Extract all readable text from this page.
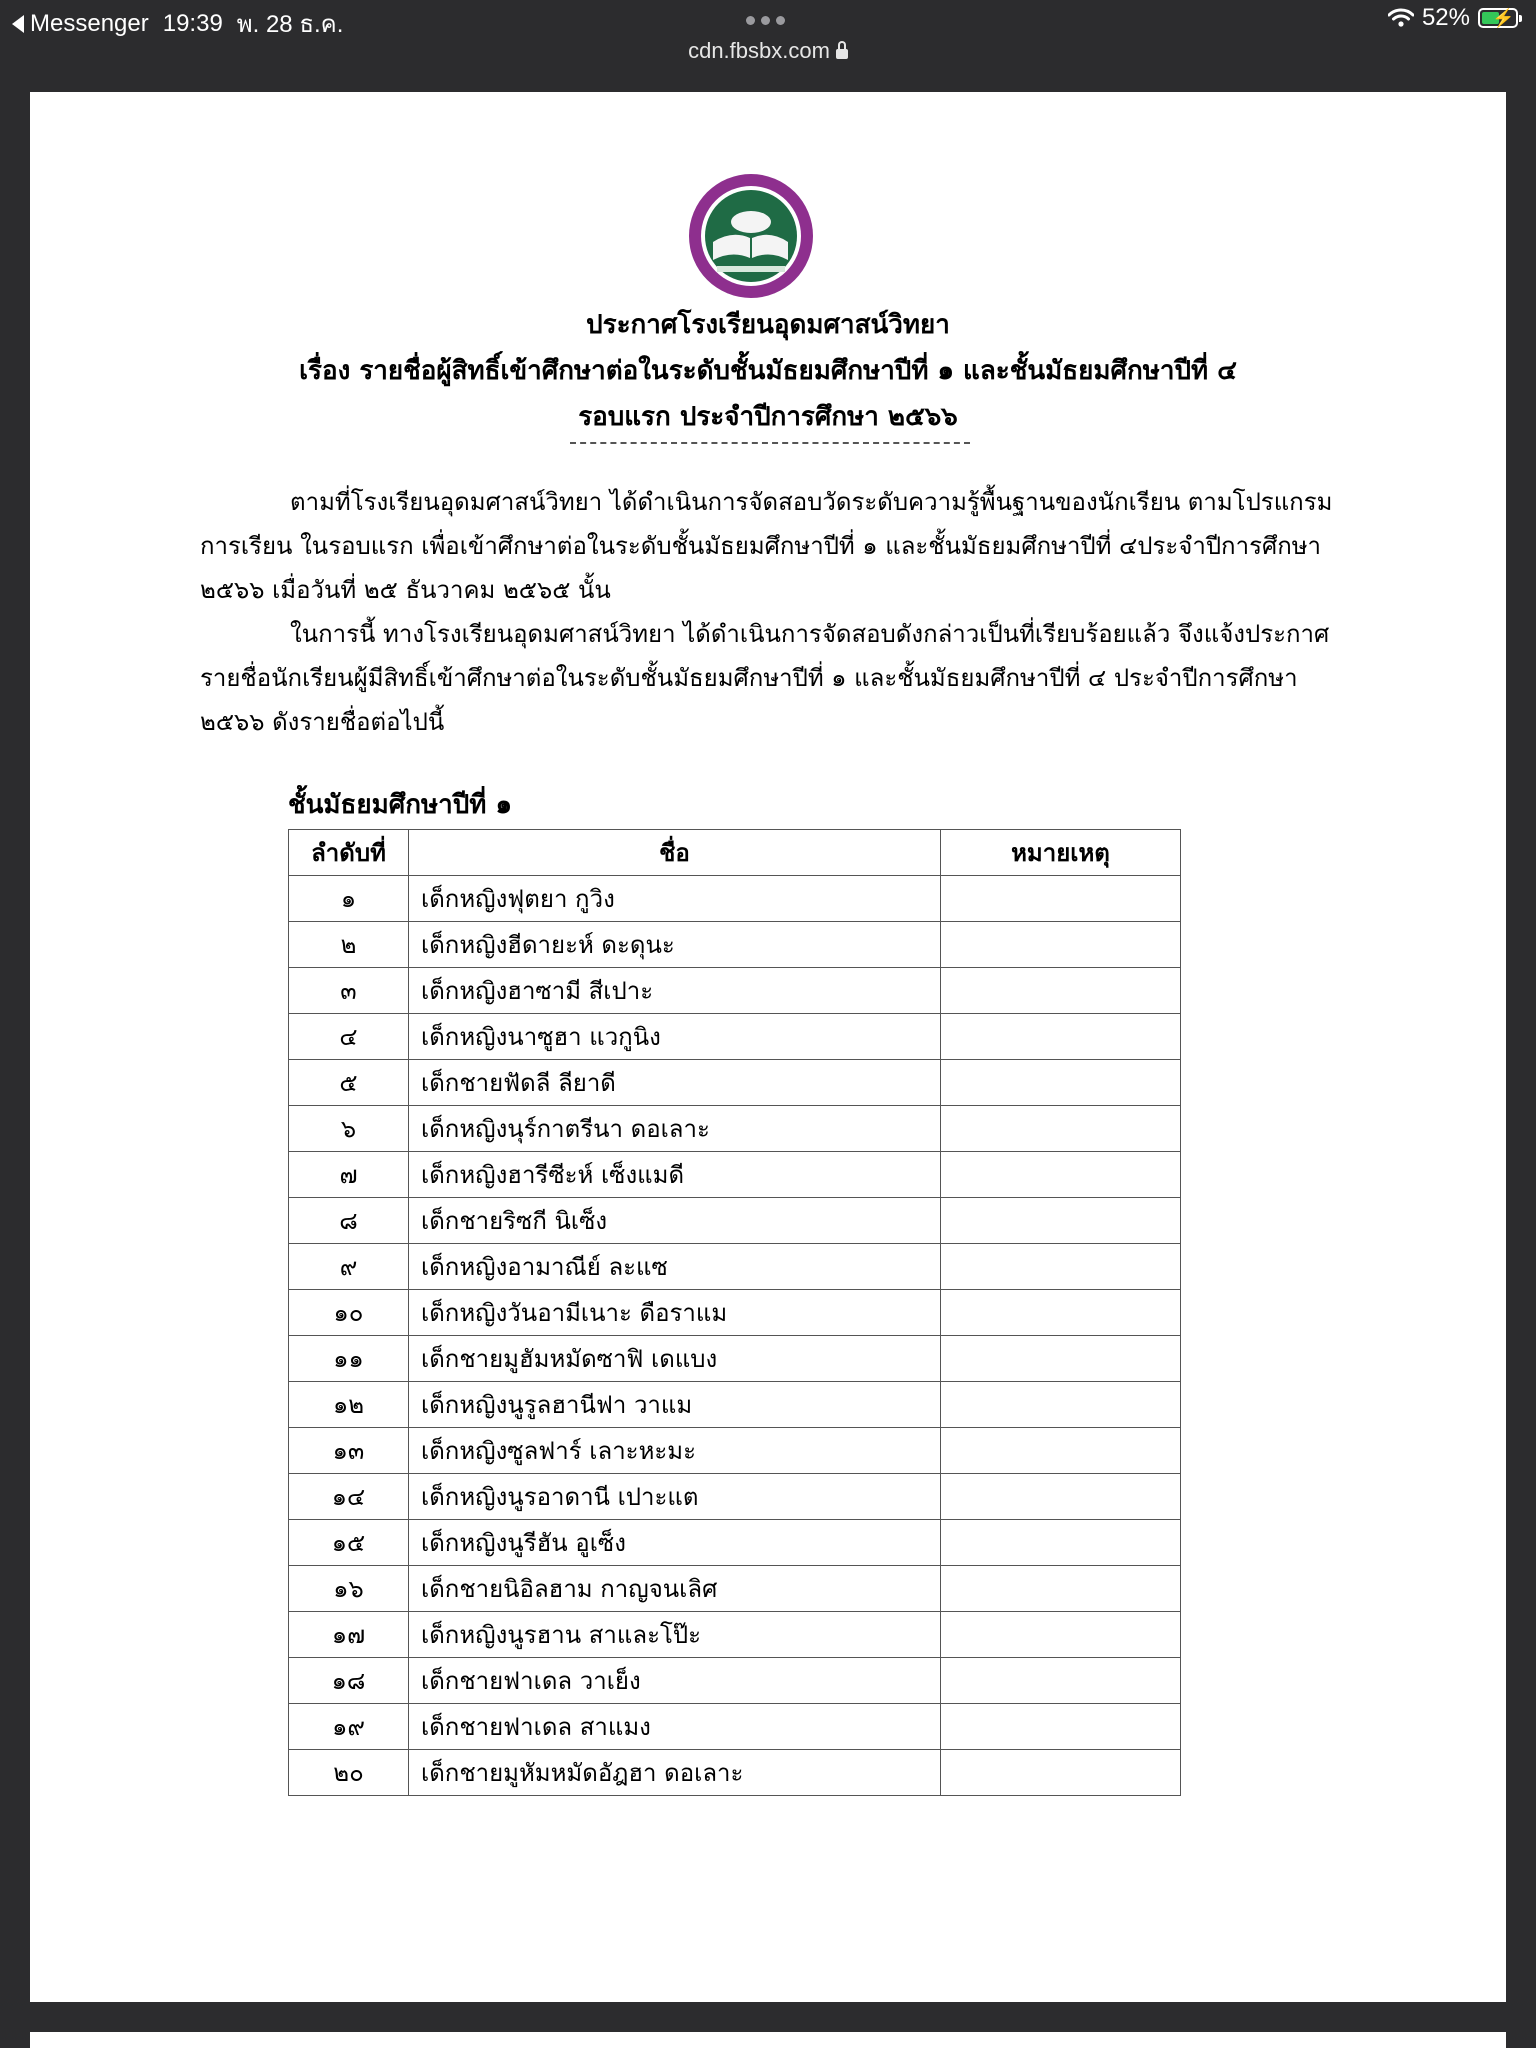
Messenger 19:39 พ. 28 ธ.ค.	52% ⚡
cdn.fbsbx.com
ประกาศโรงเรียนอุดมศาสน์วิทยา
เรื่อง รายชื่อผู้สิทธิ์เข้าศึกษาต่อในระดับชั้นมัธยมศึกษาปีที่ ๑ และชั้นมัธยมศึกษาปีที่ ๔
รอบแรก ประจำปีการศึกษา ๒๕๖๖

ตามที่โรงเรียนอุดมศาสน์วิทยา ได้ดำเนินการจัดสอบวัดระดับความรู้พื้นฐานของนักเรียน ตามโปรแกรมการเรียน ในรอบแรก เพื่อเข้าศึกษาต่อในระดับชั้นมัธยมศึกษาปีที่ ๑ และชั้นมัธยมศึกษาปีที่ ๔ประจำปีการศึกษา ๒๕๖๖ เมื่อวันที่ ๒๕ ธันวาคม ๒๕๖๕ นั้น

ในการนี้ ทางโรงเรียนอุดมศาสน์วิทยา ได้ดำเนินการจัดสอบดังกล่าวเป็นที่เรียบร้อยแล้ว จึงแจ้งประกาศรายชื่อนักเรียนผู้มีสิทธิ์เข้าศึกษาต่อในระดับชั้นมัธยมศึกษาปีที่ ๑ และชั้นมัธยมศึกษาปีที่ ๔ ประจำปีการศึกษา ๒๕๖๖ ดังรายชื่อต่อไปนี้

ชั้นมัธยมศึกษาปีที่ ๑
ลำดับที่	ชื่อ	หมายเหตุ
๑	เด็กหญิงฟุตยา กูวิง	
๒	เด็กหญิงฮีดายะห์ ดะดุนะ	
๓	เด็กหญิงฮาซามี สีเปาะ	
๔	เด็กหญิงนาซูฮา แวกูนิง	
๕	เด็กชายฟัดลี ลียาดี	
๖	เด็กหญิงนุร์กาตรีนา ดอเลาะ	
๗	เด็กหญิงฮารีซีะห์ เซ็งแมดี	
๘	เด็กชายริซกี นิเซ็ง	
๙	เด็กหญิงอามาณีย์ ละแซ	
๑๐	เด็กหญิงวันอามีเนาะ ดือราแม	
๑๑	เด็กชายมูฮัมหมัดซาฟิ เดแบง	
๑๒	เด็กหญิงนูรูลฮานีฟา วาแม	
๑๓	เด็กหญิงซูลฟาร์ เลาะหะมะ	
๑๔	เด็กหญิงนูรอาดานี เปาะแต	
๑๕	เด็กหญิงนูรีฮัน อูเซ็ง	
๑๖	เด็กชายนิอิลฮาม กาญจนเลิศ	
๑๗	เด็กหญิงนูรฮาน สาและโป๊ะ	
๑๘	เด็กชายฟาเดล วาเย็ง	
๑๙	เด็กชายฟาเดล สาแมง	
๒๐	เด็กชายมูหัมหมัดอัฎฮา ดอเลาะ	
